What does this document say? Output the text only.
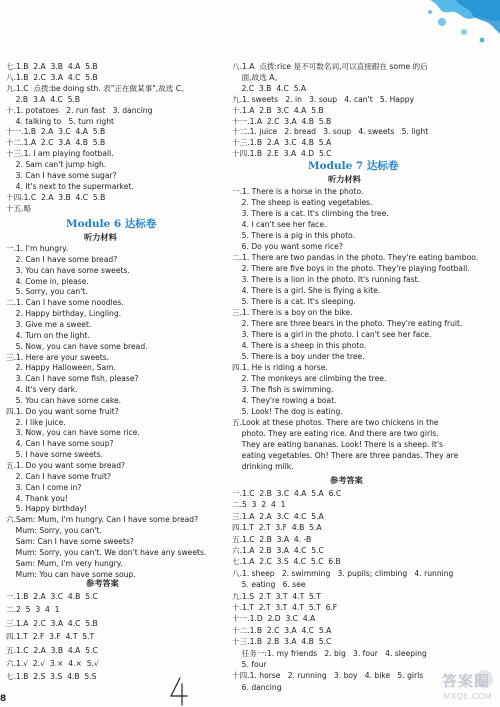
七.1.B  2.A  3.B  4.A  5.B
八.1.B  2.C  3.A  4.C  5.B
九.1.C  点拨:be doing sth. 表"正在做某事",故选 C。
2.B  3.A  4.C  5.B
十.1. potatoes   2. run fast   3. dancing
4. talking to   5. turn right
十一.1.B  2.A  3.C  4.A  5.B
十二.1.A  2.C  3.A  4.B  5.B
十三.1. I am playing football.
2. Sam can't jump high.
3. Can I have some sugar?
4. It's next to the supermarket.
十四.1.C  2.A  3.B  4.C  5.B
十五.略
Module 6 达标卷
听力材料
一.1. I'm hungry.
2. Can I have some bread?
3. You can have some sweets.
4. Come in, please.
5. Sorry, you can't.
二.1. Can I have some noodles.
2. Happy birthday, Lingling.
3. Give me a sweet.
4. Turn on the light.
5. Now, you can have some bread.
三.1. Here are your sweets.
2. Happy Halloween, Sam.
3. Can I have some fish, please?
4. It's very dark.
5. You can have some cake.
四.1. Do you want some fruit?
2. I like juice.
3. Now, you can have some rice.
4. Can I have some soup?
5. I have some sweets.
五.1. Do you want some bread?
2. Can I have some fruit?
3. Can I come in?
4. Thank you!
5. Happy birthday!
六.Sam: Mum, I'm hungry. Can I have some bread?
Mum: Sorry, you can't.
Sam: Can I have some sweets?
Mum: Sorry, you can't. We don't have any sweets.
Sam: Mum, I'm very hungry.
Mum: You can have some soup.
参考答案
一.1.B  2.A  3.C  4.B  5.C
二.2  5  3  4  1
三.1.A  2.C  3.A  4.C  5.B
四.1.T  2.F  3.F  4.T  5.T
五.1.C  2.A  3.B  4.A  5.C
六.1.√  2.√  3.×  4.×  5.√
七.1.B  2.S  3.S  4.B  5.S
八.1.A  点拨:rice 是不可数名词,可以直接跟在 some 的后
面,故选 A。
2.C  3.B  4.C  5.A
九.1. sweets   2. in   3. soup   4. can't   5. Happy
十.1.A  2.B  3.C  4.A  5.B
十一.1.A  2.C  3.A  4.B  5.B
十二.1. juice   2. bread   3. soup   4. sweets   5. light
十三.1.B  2.A  3.C  4.B  5.A
十四.1.B  2.E  3.A  4.D  5.C
Module 7 达标卷
听力材料
一.1. There is a horse in the photo.
2. The sheep is eating vegetables.
3. There is a cat. It's climbing the tree.
4. I can't see her face.
5. There is a pig in this photo.
6. Do you want some rice?
二.1. There are two pandas in the photo. They're eating bamboo.
2. There are five boys in the photo. They're playing football.
3. There is a lion in the photo. It's running fast.
4. There is a girl. She is flying a kite.
5. There is a cat. It's sleeping.
三.1. There is a boy on the bike.
2. There are three bears in the photo. They're eating fruit.
3. There is a girl in the photo. I can't see her face.
4. There is a sheep in this photo.
5. There is a boy under the tree.
四.1. He is riding a horse.
2. The monkeys are climbing the tree.
3. The fish is swimming.
4. They're rowing a boat.
5. Look! The dog is eating.
五.Look at these photos. There are two chickens in the
photo. They are eating rice. And there are two girls.
They are eating bananas. Look! There is a sheep. It's
eating vegetables. Oh! There are three pandas. They are
drinking milk.
参考答案
一.1.C  2.B  3.C  4.A  5.A  6.C
二.5  3  2  4  1
三.1.A  2.A  3.C  4.C  5.A
四.1.T  2.T  3.F  4.B  5.A
五.1.C  2.B  3.A  4. -B
六.1.A  2.B  3.A  4.C  5.C
七.1.A  2.C  3.S  4.C  5.C  6.B
八.1. sheep   2. swimming   3. pupils; climbing   4. running
5. eating   6. see
九.1.S  2.T  3.T  4.T  5.T
十.1.T  2.T  3.T  4.T  5.T  6.F
十一.1.D  2.D  3.C  4.A
十二.1.B  2.C  3.A  4.C  5.A
十三.1.B  2.B  3.A  4.B  5.C
任务一:1. my friends   2. big   3. four   4. sleeping
5. four
十四.1. horse   2. running   3. boy   4. bike   5. girls
6. dancing
8
答案圈
MXQE.COM
